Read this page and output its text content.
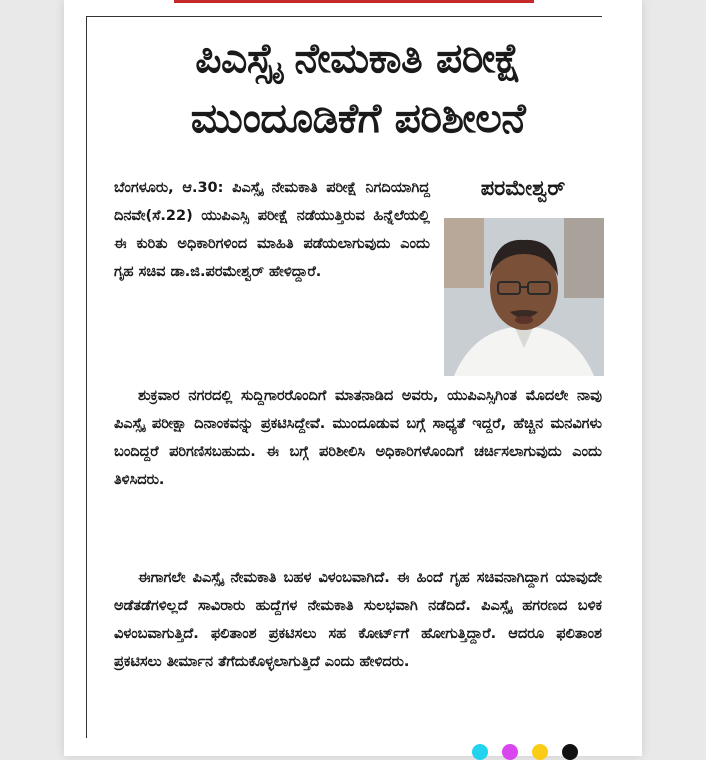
ಪಿಎಸ್ಸೈ ನೇಮಕಾತಿ ಪರೀಕ್ಷೆ
ಮುಂದೂಡಿಕೆಗೆ ಪರಿಶೀಲನೆ
ಪರಮೇಶ್ವರ್

ಬೆಂಗಳೂರು, ಆ.30: ಪಿಎಸ್ಸೈ ನೇಮಕಾತಿ ಪರೀಕ್ಷೆ ನಿಗದಿಯಾಗಿದ್ದ ದಿನವೇ(ಸೆ.22) ಯುಪಿಎಸ್ಸಿ ಪರೀಕ್ಷೆ ನಡೆಯುತ್ತಿರುವ ಹಿನ್ನೆಲೆಯಲ್ಲಿ ಈ ಕುರಿತು ಅಧಿಕಾರಿಗಳಿಂದ ಮಾಹಿತಿ ಪಡೆಯಲಾಗುವುದು ಎಂದು ಗೃಹ ಸಚಿವ ಡಾ.ಜಿ.ಪರಮೇಶ್ವರ್ ಹೇಳಿದ್ದಾರೆ.

ಶುಕ್ರವಾರ ನಗರದಲ್ಲಿ ಸುದ್ದಿಗಾರರೊಂದಿಗೆ ಮಾತನಾಡಿದ ಅವರು, ಯುಪಿಎಸ್ಸಿಗಿಂತ ಮೊದಲೇ ನಾವು ಪಿಎಸ್ಸೈ ಪರೀಕ್ಷಾ ದಿನಾಂಕವನ್ನು ಪ್ರಕಟಿಸಿದ್ದೇವೆ. ಮುಂದೂಡುವ ಬಗ್ಗೆ ಸಾಧ್ಯತೆ ಇದ್ದರೆ, ಹೆಚ್ಚಿನ ಮನವಿಗಳು ಬಂದಿದ್ದರೆ ಪರಿಗಣಿಸಬಹುದು. ಈ ಬಗ್ಗೆ ಪರಿಶೀಲಿಸಿ ಅಧಿಕಾರಿಗಳೊಂದಿಗೆ ಚರ್ಚಿಸಲಾಗುವುದು ಎಂದು ತಿಳಿಸಿದರು.

ಈಗಾಗಲೇ ಪಿಎಸ್ಸೈ ನೇಮಕಾತಿ ಬಹಳ ವಿಳಂಬವಾಗಿದೆ. ಈ ಹಿಂದೆ ಗೃಹ ಸಚಿವನಾಗಿದ್ದಾಗ ಯಾವುದೇ ಅಡೆತಡೆಗಳಿಲ್ಲದೆ ಸಾವಿರಾರು ಹುದ್ದೆಗಳ ನೇಮಕಾತಿ ಸುಲಭವಾಗಿ ನಡೆದಿದೆ. ಪಿಎಸ್ಸೈ ಹಗರಣದ ಬಳಿಕ ವಿಳಂಬವಾಗುತ್ತಿದೆ. ಫಲಿತಾಂಶ ಪ್ರಕಟಿಸಲು ಸಹ ಕೋರ್ಟ್‌ಗೆ ಹೋಗುತ್ತಿದ್ದಾರೆ. ಆದರೂ ಫಲಿತಾಂಶ ಪ್ರಕಟಿಸಲು ತೀರ್ಮಾನ ತೆಗೆದುಕೊಳ್ಳಲಾಗುತ್ತಿದೆ ಎಂದು ಹೇಳಿದರು.
